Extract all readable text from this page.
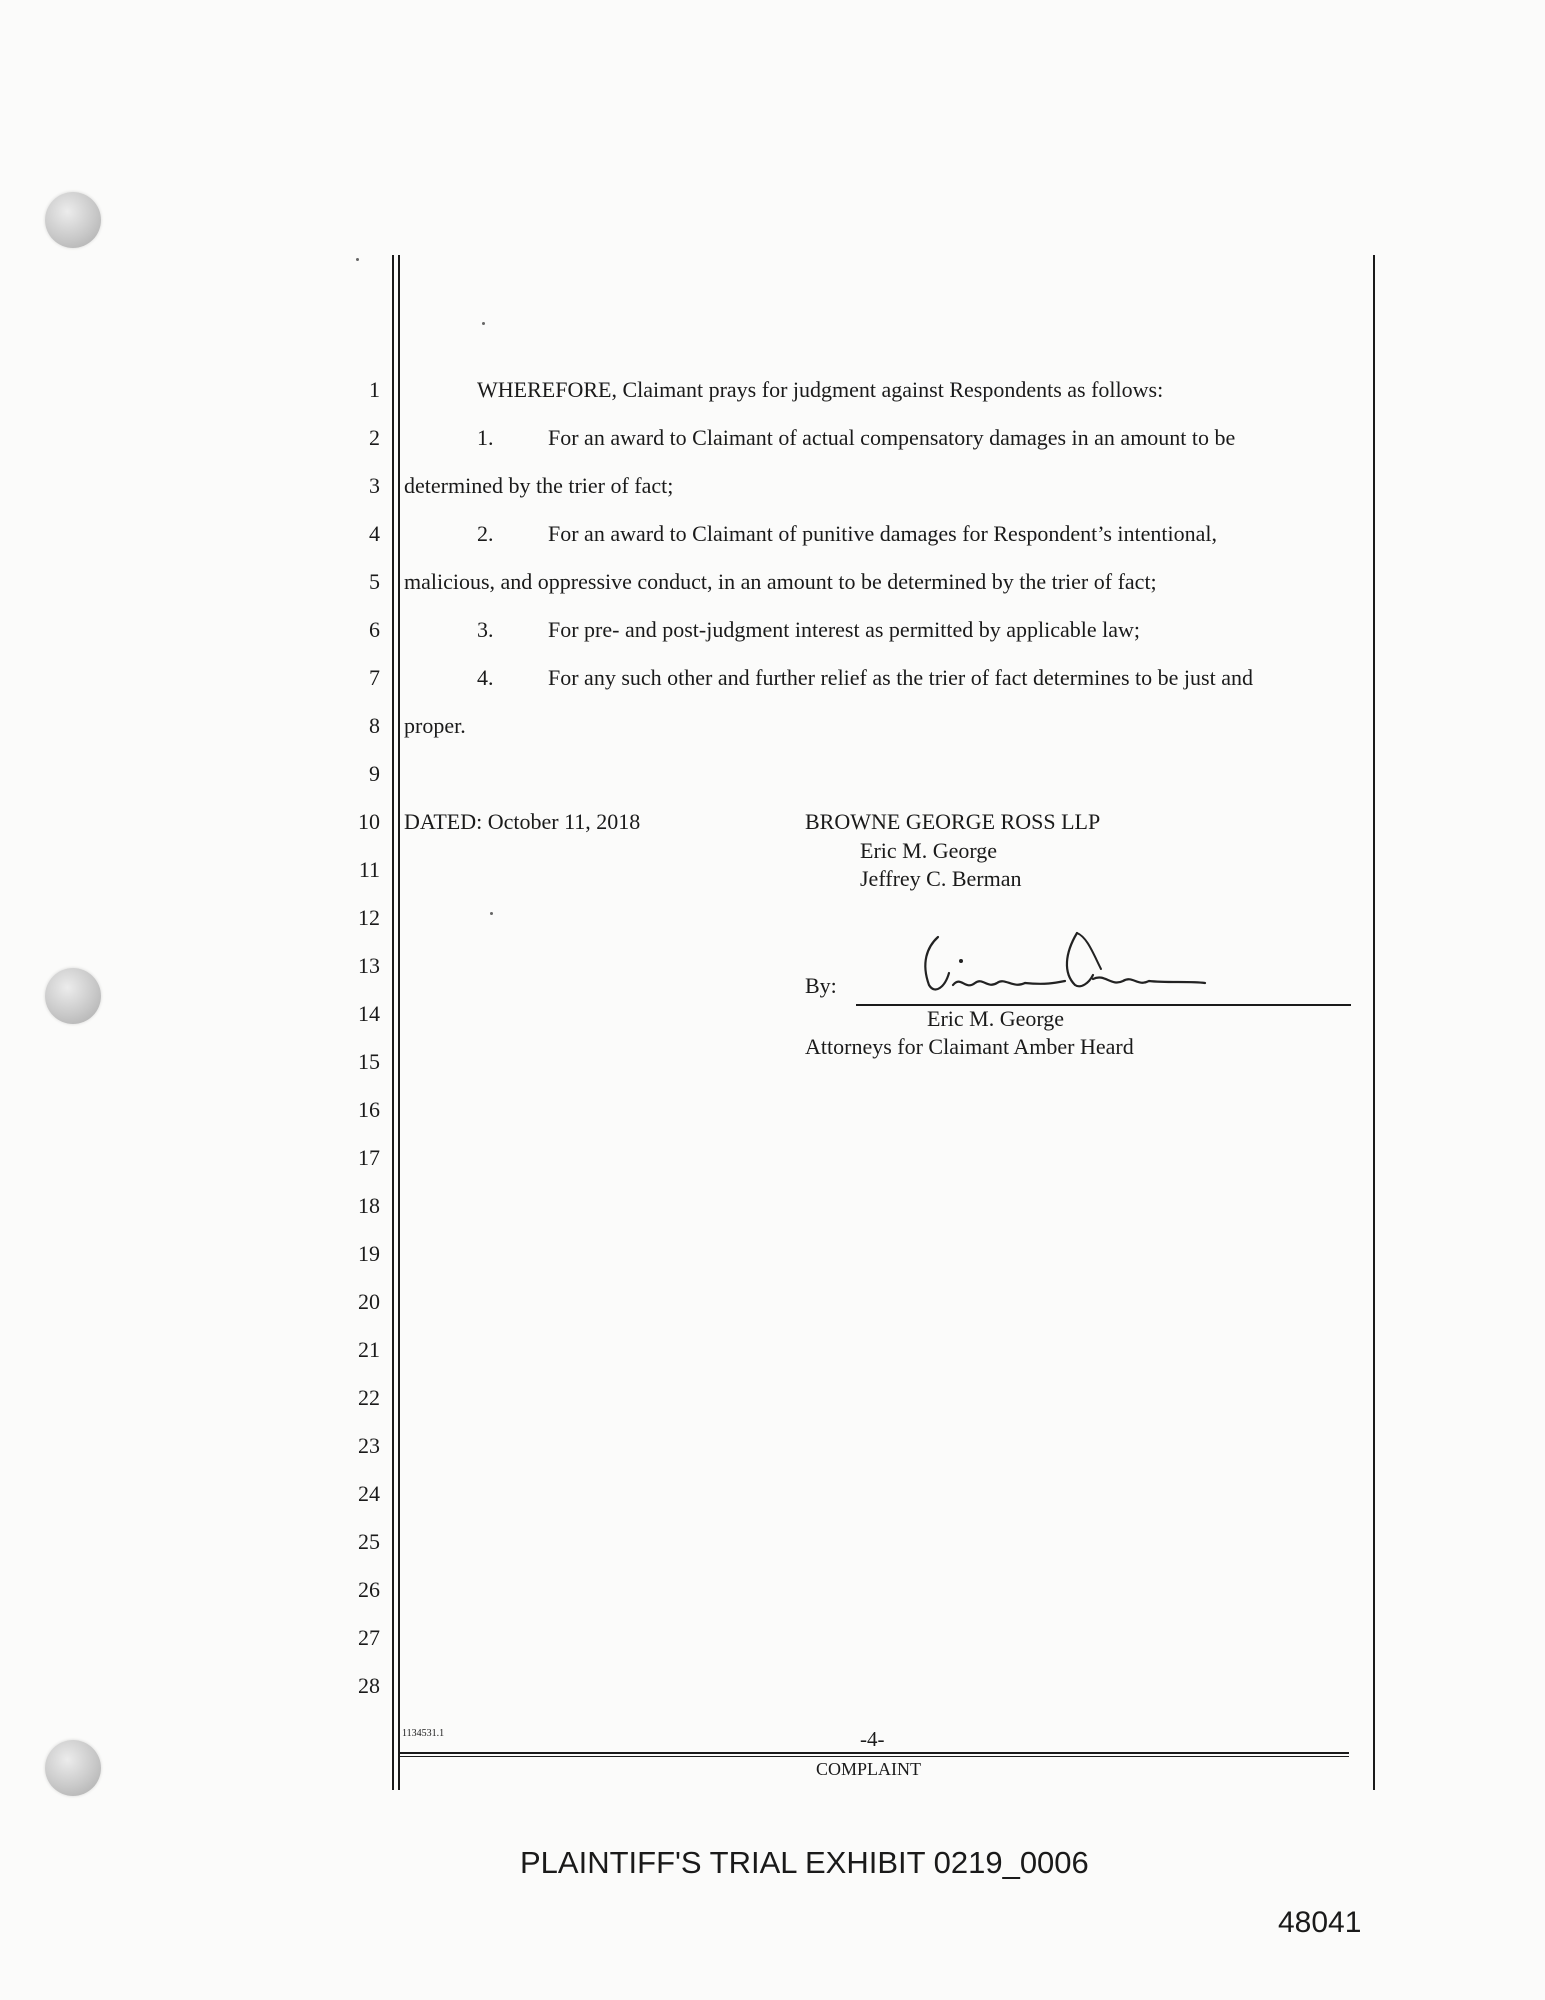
1
2
3
4
5
6
7
8
9
10
11
12
13
14
15
16
17
18
19
20
21
22
23
24
25
26
27
28
WHEREFORE, Claimant prays for judgment against Respondents as follows:
1. For an award to Claimant of actual compensatory damages in an amount to be
determined by the trier of fact;
2. For an award to Claimant of punitive damages for Respondent’s intentional,
malicious, and oppressive conduct, in an amount to be determined by the trier of fact;
3. For pre- and post-judgment interest as permitted by applicable law;
4. For any such other and further relief as the trier of fact determines to be just and
proper.
DATED: October 11, 2018	BROWNE GEORGE ROSS LLP
Eric M. George
Jeffrey C. Berman
By:
Eric M. George
Attorneys for Claimant Amber Heard
1134531.1	-4-
COMPLAINT
PLAINTIFF'S TRIAL EXHIBIT 0219_0006
48041
